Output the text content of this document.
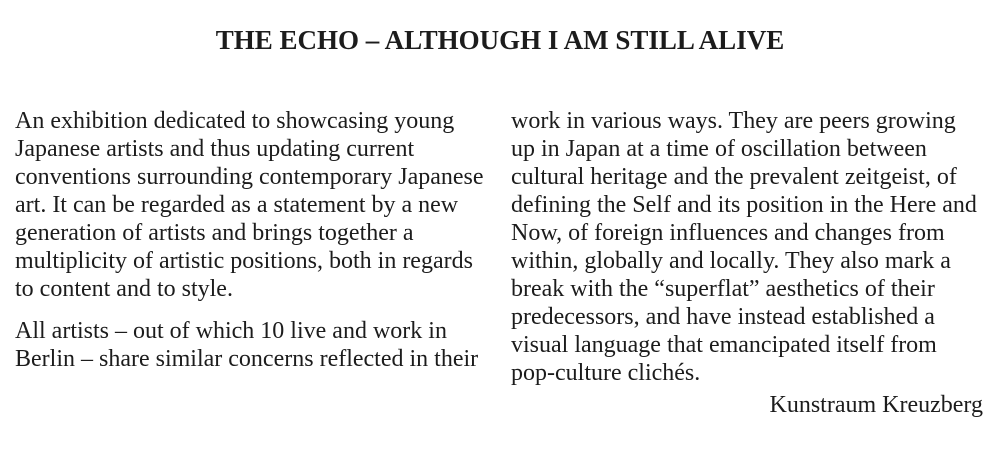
THE ECHO – ALTHOUGH I AM STILL ALIVE

An exhibition dedicated to showcasing young Japanese artists and thus updating current conventions surrounding contemporary Japanese art. It can be regarded as a statement by a new generation of artists and brings together a multiplicity of artistic positions, both in regards to content and to style.

All artists – out of which 10 live and work in Berlin – share similar concerns reflected in their

work in various ways. They are peers growing up in Japan at a time of oscillation between cultural heritage and the prevalent zeitgeist, of defining the Self and its position in the Here and Now, of foreign influences and changes from within, globally and locally. They also mark a break with the “superflat” aesthetics of their predecessors, and have instead established a visual language that emancipated itself from pop-culture clichés.

Kunstraum Kreuzberg
